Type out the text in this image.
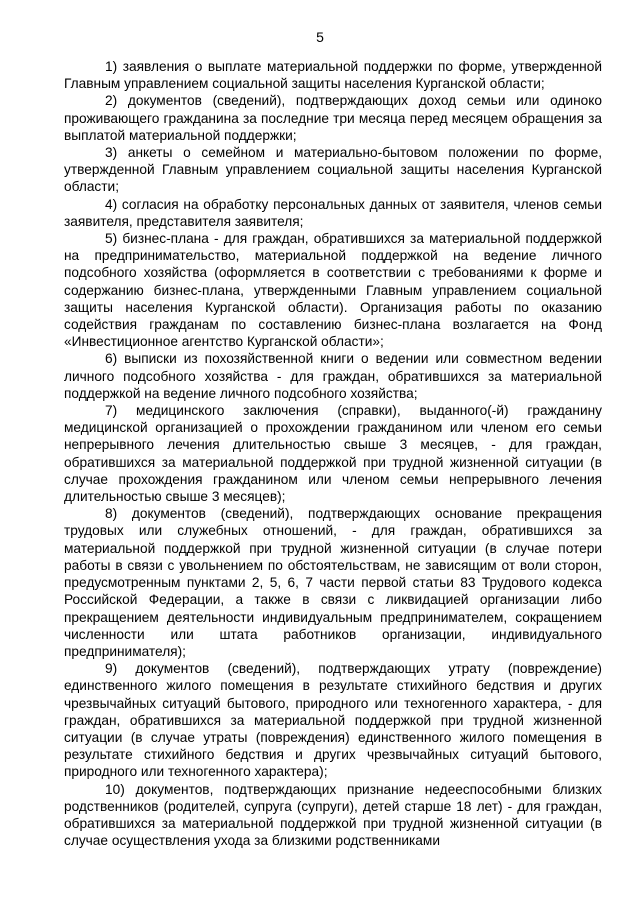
5

1) заявления о выплате материальной поддержки по форме, утвержденной Главным управлением социальной защиты населения Курганской области;

2) документов (сведений), подтверждающих доход семьи или одиноко проживающего гражданина за последние три месяца перед месяцем обращения за выплатой материальной поддержки;

3) анкеты о семейном и материально-бытовом положении по форме, утвержденной Главным управлением социальной защиты населения Курганской области;

4) согласия на обработку персональных данных от заявителя, членов семьи заявителя, представителя заявителя;

5) бизнес-плана - для граждан, обратившихся за материальной поддержкой на предпринимательство, материальной поддержкой на ведение личного подсобного хозяйства (оформляется в соответствии с требованиями к форме и содержанию бизнес-плана, утвержденными Главным управлением социальной защиты населения Курганской области). Организация работы по оказанию содействия гражданам по составлению бизнес-плана возлагается на Фонд «Инвестиционное агентство Курганской области»;

6) выписки из похозяйственной книги о ведении или совместном ведении личного подсобного хозяйства - для граждан, обратившихся за материальной поддержкой на ведение личного подсобного хозяйства;

7) медицинского заключения (справки), выданного(-й) гражданину медицинской организацией о прохождении гражданином или членом его семьи непрерывного лечения длительностью свыше 3 месяцев, - для граждан, обратившихся за материальной поддержкой при трудной жизненной ситуации (в случае прохождения гражданином или членом семьи непрерывного лечения длительностью свыше 3 месяцев);

8) документов (сведений), подтверждающих основание прекращения трудовых или служебных отношений, - для граждан, обратившихся за материальной поддержкой при трудной жизненной ситуации (в случае потери работы в связи с увольнением по обстоятельствам, не зависящим от воли сторон, предусмотренным пунктами 2, 5, 6, 7 части первой статьи 83 Трудового кодекса Российской Федерации, а также в связи с ликвидацией организации либо прекращением деятельности индивидуальным предпринимателем, сокращением численности или штата работников организации, индивидуального предпринимателя);

9) документов (сведений), подтверждающих утрату (повреждение) единственного жилого помещения в результате стихийного бедствия и других чрезвычайных ситуаций бытового, природного или техногенного характера, - для граждан, обратившихся за материальной поддержкой при трудной жизненной ситуации (в случае утраты (повреждения) единственного жилого помещения в результате стихийного бедствия и других чрезвычайных ситуаций бытового, природного или техногенного характера);

10) документов, подтверждающих признание недееспособными близких родственников (родителей, супруга (супруги), детей старше 18 лет) - для граждан, обратившихся за материальной поддержкой при трудной жизненной ситуации (в случае осуществления ухода за близкими родственниками
